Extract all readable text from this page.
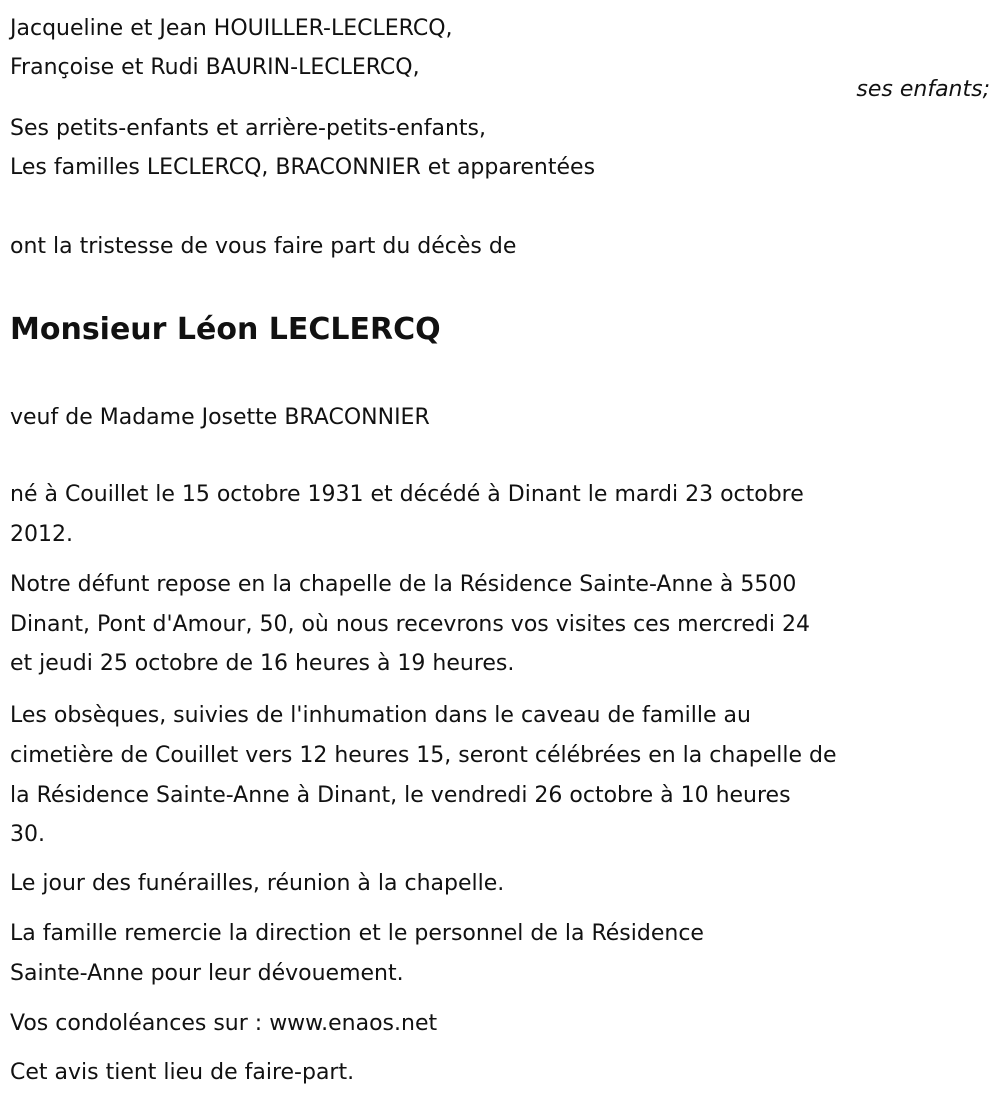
Jacqueline et Jean HOUILLER-LECLERCQ,
Françoise et Rudi BAURIN-LECLERCQ,
ses enfants;
Ses petits-enfants et arrière-petits-enfants,
Les familles LECLERCQ, BRACONNIER et apparentées
ont la tristesse de vous faire part du décès de
Monsieur Léon LECLERCQ
veuf de Madame Josette BRACONNIER
né à Couillet le 15 octobre 1931 et décédé à Dinant le mardi 23 octobre
2012.
Notre défunt repose en la chapelle de la Résidence Sainte-Anne à 5500
Dinant, Pont d'Amour, 50, où nous recevrons vos visites ces mercredi 24
et jeudi 25 octobre de 16 heures à 19 heures.
Les obsèques, suivies de l'inhumation dans le caveau de famille au
cimetière de Couillet vers 12 heures 15, seront célébrées en la chapelle de
la Résidence Sainte-Anne à Dinant, le vendredi 26 octobre à 10 heures
30.
Le jour des funérailles, réunion à la chapelle.
La famille remercie la direction et le personnel de la Résidence
Sainte-Anne pour leur dévouement.
Vos condoléances sur : www.enaos.net
Cet avis tient lieu de faire-part.
